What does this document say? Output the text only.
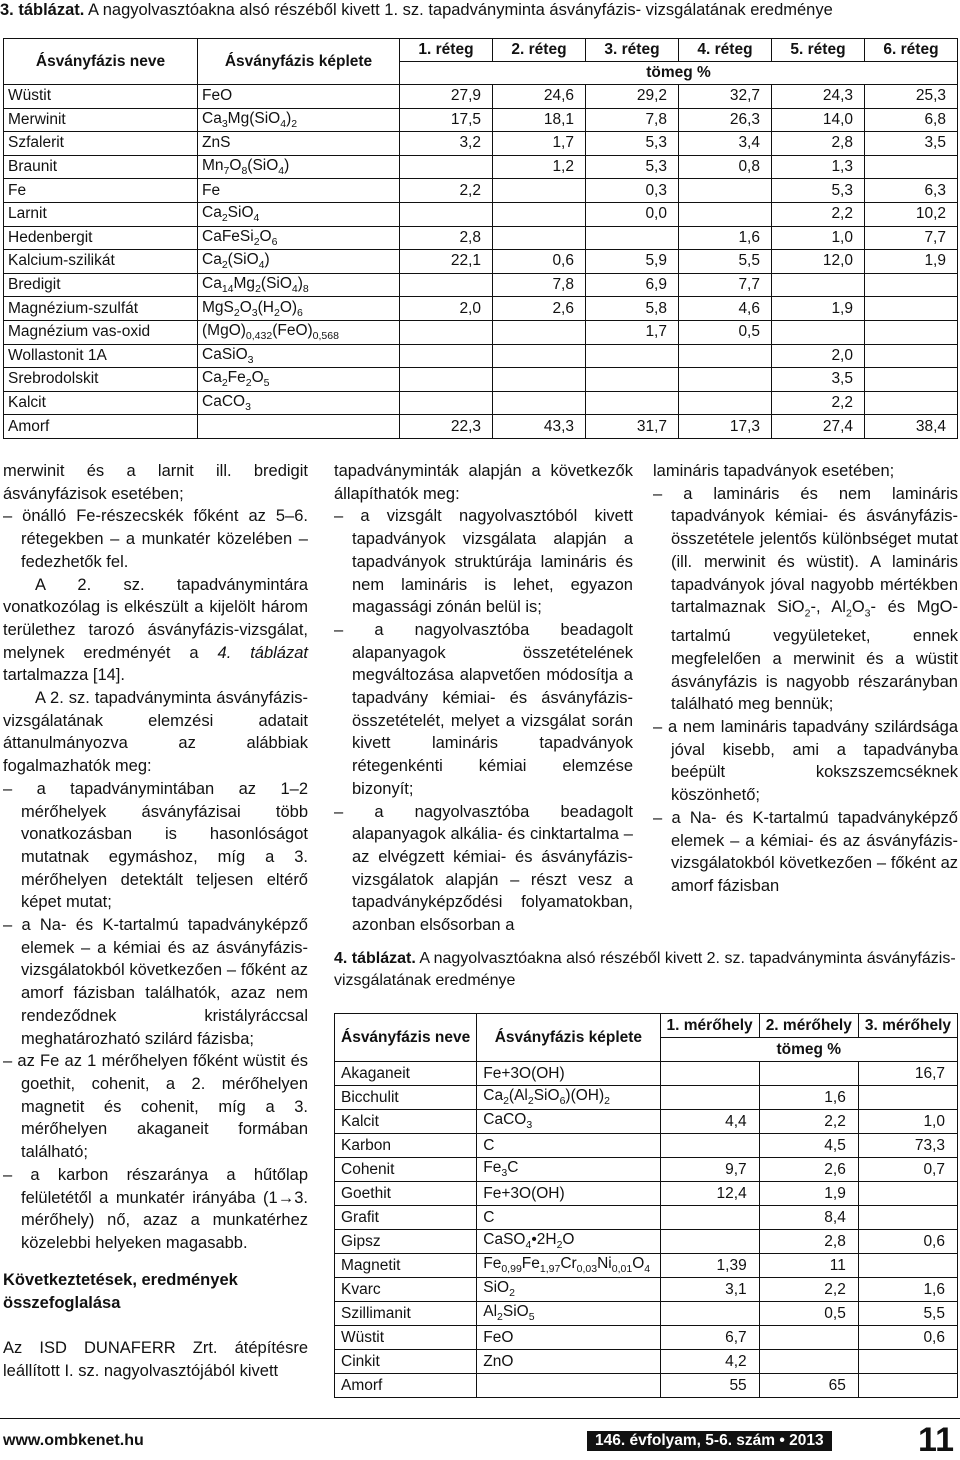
3. táblázat. A nagyolvasztóakna alsó részéből kivett 1. sz. tapadványminta ásványfázis- vizsgálatának eredménye
Ásványfázis neve	Ásványfázis képlete	1. réteg	2. réteg	3. réteg	4. réteg	5. réteg	6. réteg
		tömeg %					
Wüstit	FeO	27,9	24,6	29,2	32,7	24,3	25,3
Merwinit	$Ca_3Mg(SiO_4)_2$	17,5	18,1	7,8	26,3	14,0	6,8
Szfalerit	ZnS	3,2	1,7	5,3	3,4	2,8	3,5
Braunit	$Mn_7O_8(SiO_4)$		1,2	5,3	0,8	1,3	
Fe	Fe	2,2		0,3		5,3	6,3
Larnit	$Ca_2SiO_4$			0,0		2,2	10,2
Hedenbergit	$CaFeSi_2O_6$	2,8			1,6	1,0	7,7
Kalcium-szilikát	$Ca_2(SiO_4)$	22,1	0,6	5,9	5,5	12,0	1,9
Bredigit	$Ca_{14}Mg_2(SiO_4)_8$		7,8	6,9	7,7		
Magnézium-szulfát	$MgS_2O_3(H_2O)_6$	2,0	2,6	5,8	4,6	1,9	
Magnézium vas-oxid	$(MgO)_{0,432}(FeO)_{0,568}$			1,7	0,5		
Wollastonit 1A	CaSiO$_3$					2,0	
Srebrodolskit	$Ca_2Fe_2O_5$					3,5	
Kalcit	CaCO$_3$					2,2	
Amorf		22,3	43,3	31,7	17,3	27,4	38,4

merwinit és a larnit ill. bredigit ásványfázisok esetében;

– önálló Fe-részecskék főként az 5–6. rétegekben – a munkatér közelében – fedezhetők fel.

A 2. sz. tapadványmintára vonatkozólag is elkészült a kijelölt három területhez tarozó ásványfázis-vizsgálat, melynek eredményét a 4. táblázat tartalmazza [14].

A 2. sz. tapadványminta ásványfázis-vizsgálatának elemzési adatait áttanulmányozva az alábbiak fogalmazhatók meg:

– a tapadványmintában az 1–2 mérőhelyek ásványfázisai több vonatkozásban is hasonlóságot mutatnak egymáshoz, míg a 3. mérőhelyen detektált teljesen eltérő képet mutat;

– a Na- és K-tartalmú tapadványképző elemek – a kémiai és az ásványfázis-vizsgálatokból következően – főként az amorf fázisban találhatók, azaz nem rendeződnek kristályráccsal meghatározható szilárd fázisba;

– az Fe az 1 mérőhelyen főként wüstit és goethit, cohenit, a 2. mérőhelyen magnetit és cohenit, míg a 3. mérőhelyen akaganeit formában található;

– a karbon részaránya a hűtőlap felületétől a munkatér irányába (1→3. mérőhely) nő, azaz a munkatérhez közelebbi helyeken magasabb.

Következtetések, eredmények összefoglalása
Az ISD DUNAFERR Zrt. átépítésre leállított I. sz. nagyolvasztójából kivett

tapadványminták alapján a következők állapíthatók meg:

– a vizsgált nagyolvasztóból kivett tapadványok vizsgálata alapján a tapadványok struktúrája lamináris és nem lamináris is lehet, egyazon magassági zónán belül is;

– a nagyolvasztóba beadagolt alapanyagok összetételének megváltozása alapvetően módosítja a tapadvány kémiai- és ásványfázis-összetételét, melyet a vizsgálat során kivett lamináris tapadványok rétegenkénti kémiai elemzése bizonyít;

– a nagyolvasztóba beadagolt alapanyagok alkália- és cinktartalma – az elvégzett kémiai- és ásványfázis-vizsgálatok alapján – részt vesz a tapadványképződési folyamatokban, azonban elsősorban a

lamináris tapadványok esetében;

– a lamináris és nem lamináris tapadványok kémiai- és ásványfázis-összetétele jelentős különbséget mutat (ill. merwinit és wüstit). A lamináris tapadványok jóval nagyobb mértékben tartalmaznak SiO$_2$-, $Al_2O_3-$ és MgO-tartalmú vegyületeket, ennek megfelelően a merwinit és a wüstit ásványfázis is nagyobb részarányban található meg bennük;

– a nem lamináris tapadvány szilárdsága jóval kisebb, ami a tapadványba beépült kokszszemcséknek köszönhető;

– a Na- és K-tartalmú tapadványképző elemek – a kémiai- és az ásványfázis-vizsgálatokból következően – főként az amorf fázisban

4. táblázat. A nagyolvasztóakna alsó részéből kivett 2. sz. tapadványminta ásványfázis-vizsgálatának eredménye
Ásványfázis neve	Ásványfázis képlete	1. mérőhely	2. mérőhely	3. mérőhely
		tömeg %		
Akaganeit	Fe+3O(OH)			16,7
Bicchulit	$Ca_2(Al_2SiO_6)(OH)_2$		1,6	
Kalcit	CaCO$_3$	4,4	2,2	1,0
Karbon	C		4,5	73,3
Cohenit	$Fe_3C$	9,7	2,6	0,7
Goethit	Fe+3O(OH)	12,4	1,9	
Grafit	C		8,4	
Gipsz	$CaSO_4•2H_2O$		2,8	0,6
Magnetit	$Fe_{0,99}Fe_{1,97}Cr_{0,03}Ni_{0,01}O_4$	1,39	11	
Kvarc	SiO$_2$	3,1	2,2	1,6
Szillimanit	$Al_2SiO_5$		0,5	5,5
Wüstit	FeO	6,7		0,6
Cinkit	ZnO	4,2		
Amorf		55	65	
www.ombkenet.hu	146. évfolyam, 5-6. szám • 2013	11
